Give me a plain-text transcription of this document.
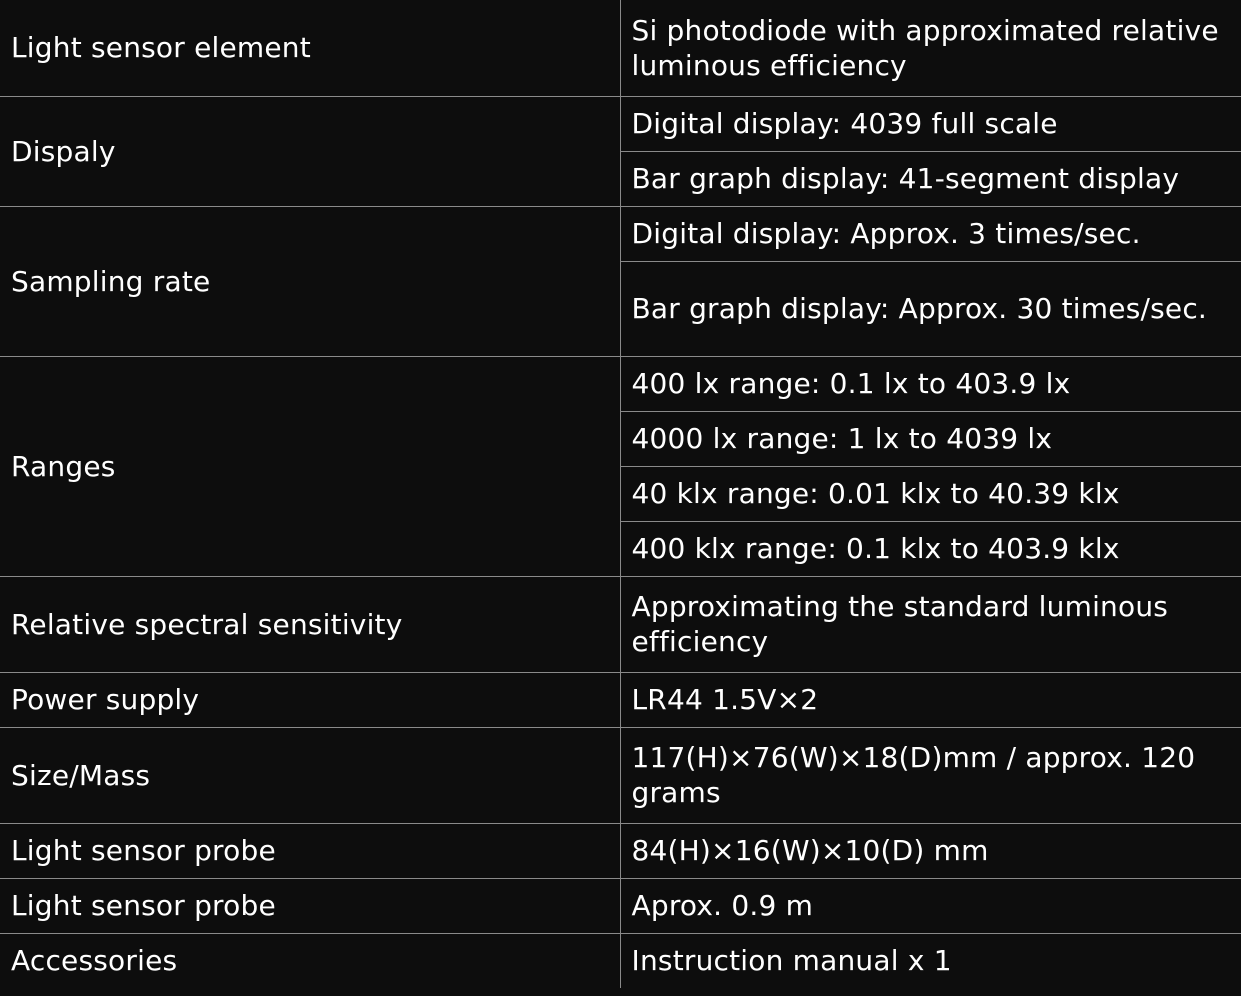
Light sensor element	Si photodiode with approximated relative luminous efficiency
Dispaly	Digital display: 4039 full scale
	Bar graph display: 41-segment display
Sampling rate	Digital display: Approx. 3 times/sec.
	Bar graph display: Approx. 30 times/sec.
Ranges	400 lx range: 0.1 lx to 403.9 lx
	4000 lx range: 1 lx to 4039 lx
	40 klx range: 0.01 klx to 40.39 klx
	400 klx range: 0.1 klx to 403.9 klx
Relative spectral sensitivity	Approximating the standard luminous efficiency
Power supply	LR44 1.5V×2
Size/Mass	117(H)×76(W)×18(D)mm / approx. 120 grams
Light sensor probe	84(H)×16(W)×10(D) mm
Light sensor probe	Aprox. 0.9 m
Accessories	Instruction manual x 1
